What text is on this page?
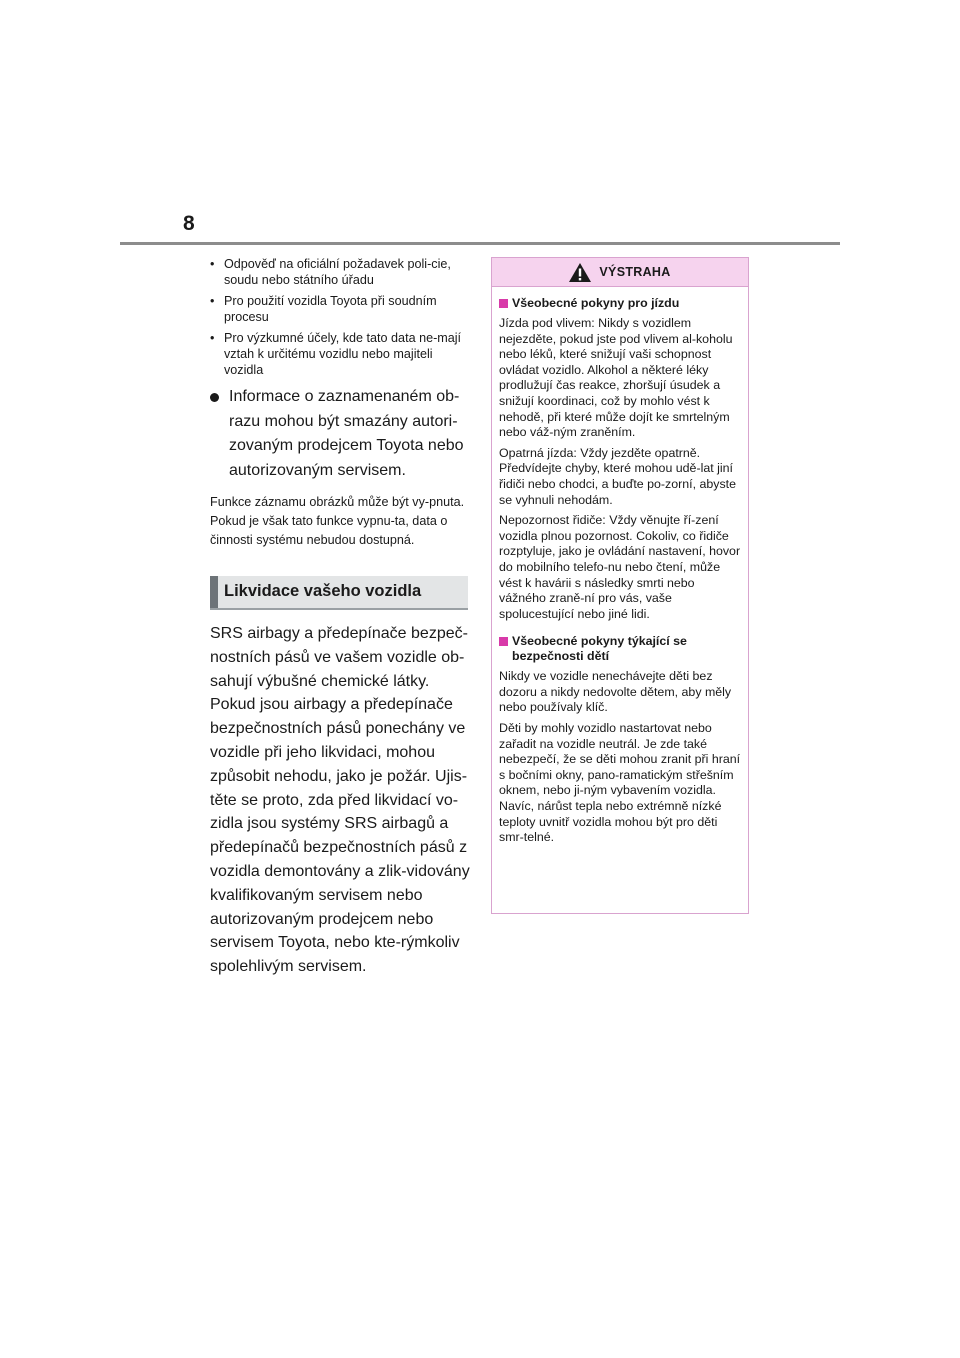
8
• Odpověď na oficiální požadavek poli-cie, soudu nebo státního úřadu
• Pro použití vozidla Toyota při soudním procesu
• Pro výzkumné účely, kde tato data ne-mají vztah k určitému vozidlu nebo majiteli vozidla
Informace o zaznamenaném ob-razu mohou být smazány autori-zovaným prodejcem Toyota nebo autorizovaným servisem.
Funkce záznamu obrázků může být vy-pnuta. Pokud je však tato funkce vypnu-ta, data o činnosti systému nebudou dostupná.
Likvidace vašeho vozidla
SRS airbagy a předepínače bezpeč-nostních pásů ve vašem vozidle ob-sahují výbušné chemické látky. Pokud jsou airbagy a předepínače bezpečnostních pásů ponechány ve vozidle při jeho likvidaci, mohou způsobit nehodu, jako je požár. Ujis-těte se proto, zda před likvidací vo-zidla jsou systémy SRS airbagů a předepínačů bezpečnostních pásů z vozidla demontovány a zlik-vidovány kvalifikovaným servisem nebo autorizovaným prodejcem nebo servisem Toyota, nebo kte-rýmkoliv spolehlivým servisem.
VÝSTRAHA
Všeobecné pokyny pro jízdu
Jízda pod vlivem: Nikdy s vozidlem nejezděte, pokud jste pod vlivem al-koholu nebo léků, které snižují vaši schopnost ovládat vozidlo. Alkohol a některé léky prodlužují čas reakce, zhoršují úsudek a snižují koordinaci, což by mohlo vést k nehodě, při které může dojít ke smrtelným nebo váž-ným zraněním.
Opatrná jízda: Vždy jezděte opatrně. Předvídejte chyby, které mohou udě-lat jiní řidiči nebo chodci, a buďte po-zorní, abyste se vyhnuli nehodám.
Nepozornost řidiče: Vždy věnujte ří-zení vozidla plnou pozornost. Cokoliv, co řidiče rozptyluje, jako je ovládání nastavení, hovor do mobilního telefo-nu nebo čtení, může vést k havárii s následky smrti nebo vážného zraně-ní pro vás, vaše spolucestující nebo jiné lidi.
Všeobecné pokyny týkající se bezpečnosti dětí
Nikdy ve vozidle nenechávejte děti bez dozoru a nikdy nedovolte dětem, aby měly nebo používaly klíč.
Děti by mohly vozidlo nastartovat nebo zařadit na vozidle neutrál. Je zde také nebezpečí, že se děti mohou zranit při hraní s bočními okny, pano-ramatickým střešním oknem, nebo ji-ným vybavením vozidla. Navíc, nárůst tepla nebo extrémně nízké teploty uvnitř vozidla mohou být pro děti smr-telné.
